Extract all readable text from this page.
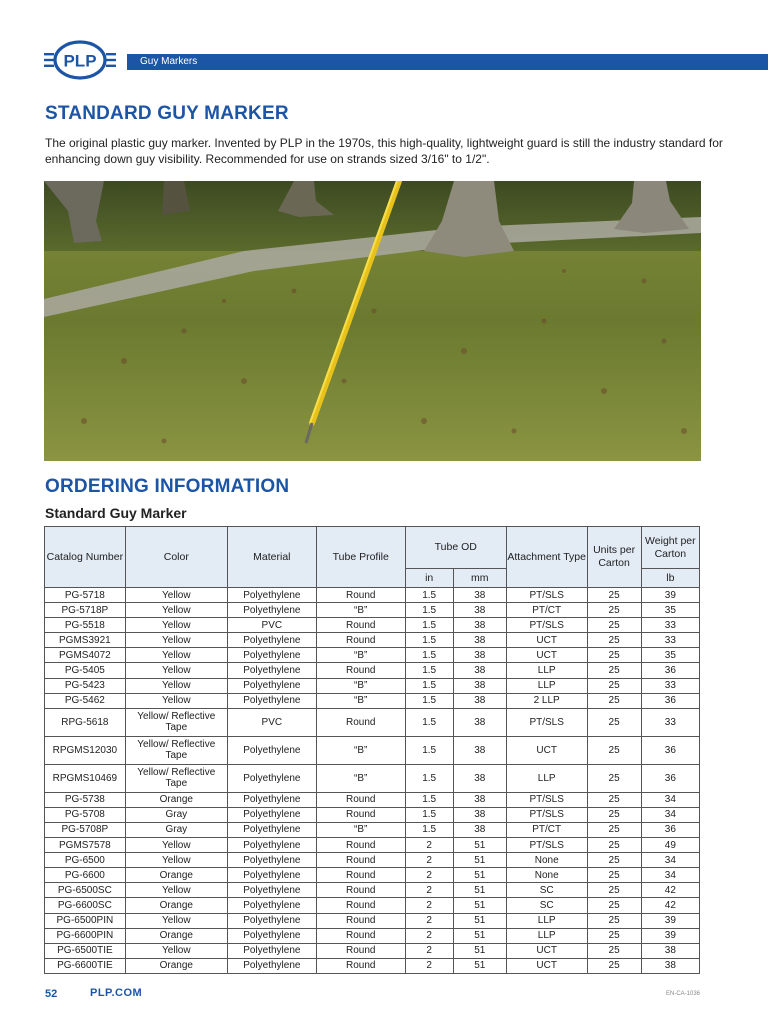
PLP	Guy Markers
STANDARD GUY MARKER
The original plastic guy marker. Invented by PLP in the 1970s, this high-quality, lightweight guard is still the industry standard for enhancing down guy visibility. Recommended for use on strands sized 3/16" to 1/2".
ORDERING INFORMATION
Standard Guy Marker
Catalog Number	Color	Material	Tube Profile	Tube OD		Attachment Type	Units per Carton	Weight per Carton
				in	mm			lb
PG-5718	Yellow	Polyethylene	Round	1.5	38	PT/SLS	25	39
PG-5718P	Yellow	Polyethylene	“B”	1.5	38	PT/CT	25	35
PG-5518	Yellow	PVC	Round	1.5	38	PT/SLS	25	33
PGMS3921	Yellow	Polyethylene	Round	1.5	38	UCT	25	33
PGMS4072	Yellow	Polyethylene	“B”	1.5	38	UCT	25	35
PG-5405	Yellow	Polyethylene	Round	1.5	38	LLP	25	36
PG-5423	Yellow	Polyethylene	“B”	1.5	38	LLP	25	33
PG-5462	Yellow	Polyethylene	“B”	1.5	38	2 LLP	25	36
RPG-5618	Yellow/ Reflective Tape	PVC	Round	1.5	38	PT/SLS	25	33
RPGMS12030	Yellow/ Reflective Tape	Polyethylene	“B”	1.5	38	UCT	25	36
RPGMS10469	Yellow/ Reflective Tape	Polyethylene	“B”	1.5	38	LLP	25	36
PG-5738	Orange	Polyethylene	Round	1.5	38	PT/SLS	25	34
PG-5708	Gray	Polyethylene	Round	1.5	38	PT/SLS	25	34
PG-5708P	Gray	Polyethylene	“B”	1.5	38	PT/CT	25	36
PGMS7578	Yellow	Polyethylene	Round	2	51	PT/SLS	25	49
PG-6500	Yellow	Polyethylene	Round	2	51	None	25	34
PG-6600	Orange	Polyethylene	Round	2	51	None	25	34
PG-6500SC	Yellow	Polyethylene	Round	2	51	SC	25	42
PG-6600SC	Orange	Polyethylene	Round	2	51	SC	25	42
PG-6500PIN	Yellow	Polyethylene	Round	2	51	LLP	25	39
PG-6600PIN	Orange	Polyethylene	Round	2	51	LLP	25	39
PG-6500TIE	Yellow	Polyethylene	Round	2	51	UCT	25	38
PG-6600TIE	Orange	Polyethylene	Round	2	51	UCT	25	38
52	PLP.COM	EN-CA-1036
